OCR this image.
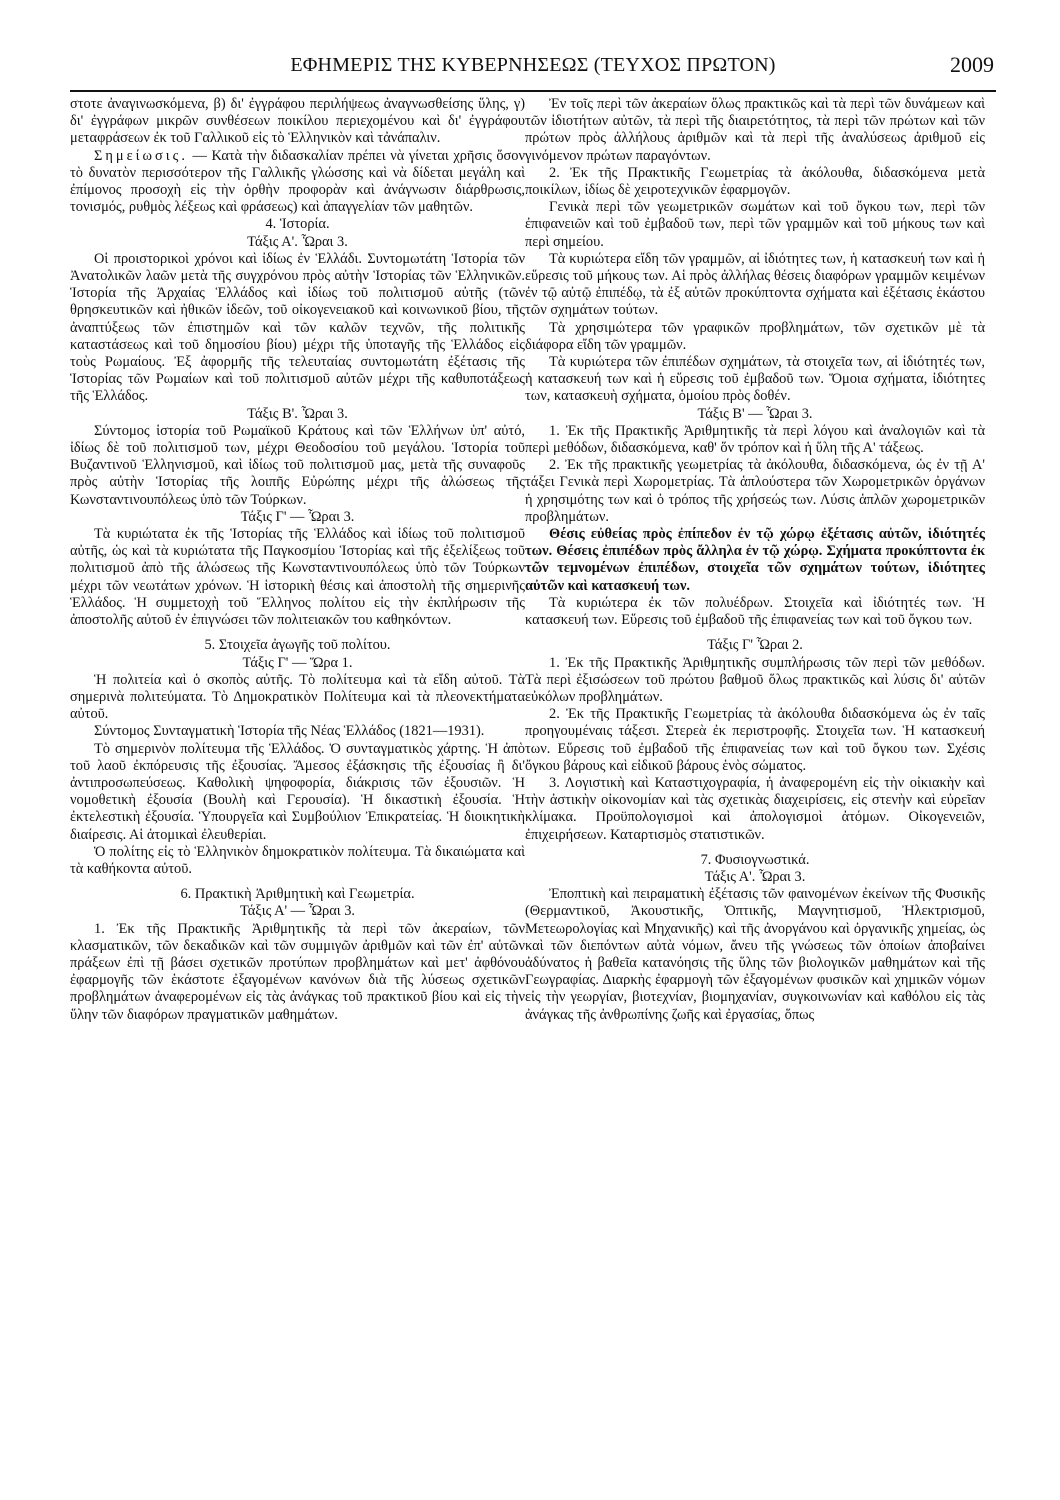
ΕΦΗΜΕΡΙΣ ΤΗΣ ΚΥΒΕΡΝΗΣΕΩΣ (ΤΕΥΧΟΣ ΠΡΩΤΟΝ)	2009

στοτε ἀναγινωσκόμενα, β) δι' ἐγγράφου περιλήψεως ἀναγνωσθείσης ὕλης, γ) δι' ἐγγράφων μικρῶν συνθέσεων ποικίλου περιεχομένου καὶ δι' ἐγγράφου μεταφράσεων ἐκ τοῦ Γαλλικοῦ εἰς τὸ Ἑλληνικὸν καὶ τἀνάπαλιν.

Σημείωσις. — Κατὰ τὴν διδασκαλίαν πρέπει νὰ γίνεται χρῆσις ὅσον τὸ δυνατὸν περισσότερον τῆς Γαλλικῆς γλώσσης καὶ νὰ δίδεται μεγάλη καὶ ἐπίμονος προσοχὴ εἰς τὴν ὀρθὴν προφορὰν καὶ ἀνάγνωσιν διάρθρωσις, τονισμός, ρυθμὸς λέξεως καὶ φράσεως) καὶ ἀπαγγελίαν τῶν μαθητῶν.

4. Ἱστορία.

Τάξις Α'. Ὧραι 3.

Οἱ προιστορικοὶ χρόνοι καὶ ἰδίως ἐν Ἑλλάδι. Συντομωτάτη Ἱστορία τῶν Ἀνατολικῶν λαῶν μετὰ τῆς συγχρόνου πρὸς αὐτὴν Ἱστορίας τῶν Ἑλληνικῶν. Ἱστορία τῆς Ἀρχαίας Ἑλλάδος καὶ ἰδίως τοῦ πολιτισμοῦ αὐτῆς (τῶν θρησκευτικῶν καὶ ἠθικῶν ἰδεῶν, τοῦ οἰκογενειακοῦ καὶ κοινωνικοῦ βίου, τῆς ἀναπτύξεως τῶν ἐπιστημῶν καὶ τῶν καλῶν τεχνῶν, τῆς πολιτικῆς καταστάσεως καὶ τοῦ δημοσίου βίου) μέχρι τῆς ὑποταγῆς τῆς Ἑλλάδος εἰς τοὺς Ρωμαίους. Ἐξ ἀφορμῆς τῆς τελευταίας συντομωτάτη ἐξέτασις τῆς Ἱστορίας τῶν Ρωμαίων καὶ τοῦ πολιτισμοῦ αὐτῶν μέχρι τῆς καθυποτάξεως τῆς Ἑλλάδος.

Τάξις Β'. Ὧραι 3.

Σύντομος ἱστορία τοῦ Ρωμαϊκοῦ Κράτους καὶ τῶν Ἑλλήνων ὑπ' αὐτό, ἰδίως δὲ τοῦ πολιτισμοῦ των, μέχρι Θεοδοσίου τοῦ μεγάλου. Ἱστορία τοῦ Βυζαντινοῦ Ἑλληνισμοῦ, καὶ ἰδίως τοῦ πολιτισμοῦ μας, μετὰ τῆς συναφοῦς πρὸς αὐτὴν Ἱστορίας τῆς λοιπῆς Εὐρώπης μέχρι τῆς ἁλώσεως τῆς Κωνσταντινουπόλεως ὑπὸ τῶν Τούρκων.

Τάξις Γ' — Ὧραι 3.

Τὰ κυριώτατα ἐκ τῆς Ἱστορίας τῆς Ἑλλάδος καὶ ἰδίως τοῦ πολιτισμοῦ αὐτῆς, ὡς καὶ τὰ κυριώτατα τῆς Παγκοσμίου Ἱστορίας καὶ τῆς ἐξελίξεως τοῦ πολιτισμοῦ ἀπὸ τῆς ἁλώσεως τῆς Κωνσταντινουπόλεως ὑπὸ τῶν Τούρκων μέχρι τῶν νεωτάτων χρόνων. Ἡ ἱστορικὴ θέσις καὶ ἀποστολὴ τῆς σημερινῆς Ἑλλάδος. Ἡ συμμετοχὴ τοῦ Ἕλληνος πολίτου εἰς τὴν ἐκπλήρωσιν τῆς ἀποστολῆς αὐτοῦ ἐν ἐπιγνώσει τῶν πολιτειακῶν του καθηκόντων.

5. Στοιχεῖα ἀγωγῆς τοῦ πολίτου.

Τάξις Γ' — Ὥρα 1.

Ἡ πολιτεία καὶ ὁ σκοπὸς αὐτῆς. Τὸ πολίτευμα καὶ τὰ εἴδη αὐτοῦ. Τὰ σημερινὰ πολιτεύματα. Τὸ Δημοκρατικὸν Πολίτευμα καὶ τὰ πλεονεκτήματα αὐτοῦ.

Σύντομος Συνταγματικὴ Ἱστορία τῆς Νέας Ἑλλάδος (1821—1931).

Τὸ σημερινὸν πολίτευμα τῆς Ἑλλάδος. Ὁ συνταγματικὸς χάρτης. Ἡ ἀπὸ τοῦ λαοῦ ἐκπόρευσις τῆς ἐξουσίας. Ἄμεσος ἐξάσκησις τῆς ἐξουσίας ἢ δι' ἀντιπροσωπεύσεως. Καθολικὴ ψηφοφορία, διάκρισις τῶν ἐξουσιῶν. Ἡ νομοθετικὴ ἐξουσία (Βουλὴ καὶ Γερουσία). Ἡ δικαστικὴ ἐξουσία. Ἡ ἐκτελεστικὴ ἐξουσία. Ὑπουργεῖα καὶ Συμβούλιον Ἐπικρατείας. Ἡ διοικητικὴ διαίρεσις. Αἱ ἀτομικαὶ ἐλευθερίαι.

Ὁ πολίτης εἰς τὸ Ἑλληνικὸν δημοκρατικὸν πολίτευμα. Τὰ δικαιώματα καὶ τὰ καθήκοντα αὐτοῦ.

6. Πρακτικὴ Ἀριθμητικὴ καὶ Γεωμετρία.

Τάξις Α' — Ὧραι 3.

1. Ἐκ τῆς Πρακτικῆς Ἀριθμητικῆς τὰ περὶ τῶν ἀκεραίων, τῶν κλασματικῶν, τῶν δεκαδικῶν καὶ τῶν συμμιγῶν ἀριθμῶν καὶ τῶν ἐπ' αὐτῶν πράξεων ἐπὶ τῇ βάσει σχετικῶν προτύπων προβλημάτων καὶ μετ' ἀφθόνου ἐφαρμογῆς τῶν ἑκάστοτε ἐξαγομένων κανόνων διὰ τῆς λύσεως σχετικῶν προβλημάτων ἀναφερομένων εἰς τὰς ἀνάγκας τοῦ πρακτικοῦ βίου καὶ εἰς τὴν ὕλην τῶν διαφόρων πραγματικῶν μαθημάτων.

Ἐν τοῖς περὶ τῶν ἀκεραίων ὅλως πρακτικῶς καὶ τὰ περὶ τῶν δυνάμεων καὶ τῶν ἰδιοτήτων αὐτῶν, τὰ περὶ τῆς διαιρετότητος, τὰ περὶ τῶν πρώτων καὶ τῶν πρώτων πρὸς ἀλλήλους ἀριθμῶν καὶ τὰ περὶ τῆς ἀναλύσεως ἀριθμοῦ εἰς γινόμενον πρώτων παραγόντων.

2. Ἐκ τῆς Πρακτικῆς Γεωμετρίας τὰ ἀκόλουθα, διδασκόμενα μετὰ ποικίλων, ἰδίως δὲ χειροτεχνικῶν ἐφαρμογῶν.

Γενικὰ περὶ τῶν γεωμετρικῶν σωμάτων καὶ τοῦ ὄγκου των, περὶ τῶν ἐπιφανειῶν καὶ τοῦ ἐμβαδοῦ των, περὶ τῶν γραμμῶν καὶ τοῦ μήκους των καὶ περὶ σημείου.

Τὰ κυριώτερα εἴδη τῶν γραμμῶν, αἱ ἰδιότητες των, ἡ κατασκευή των καὶ ἡ εὕρεσις τοῦ μήκους των. Αἱ πρὸς ἀλλήλας θέσεις διαφόρων γραμμῶν κειμένων ἐν τῷ αὐτῷ ἐπιπέδῳ, τὰ ἐξ αὐτῶν προκύπτοντα σχήματα καὶ ἐξέτασις ἑκάστου τῶν σχημάτων τούτων.

Τὰ χρησιμώτερα τῶν γραφικῶν προβλημάτων, τῶν σχετικῶν μὲ τὰ διάφορα εἴδη τῶν γραμμῶν.

Τὰ κυριώτερα τῶν ἐπιπέδων σχημάτων, τὰ στοιχεῖα των, αἱ ἰδιότητές των, ἡ κατασκευή των καὶ ἡ εὕρεσις τοῦ ἐμβαδοῦ των. Ὅμοια σχήματα, ἰδιότητες των, κατασκευὴ σχήματα, ὁμοίου πρὸς δοθέν.

Τάξις Β' — Ὧραι 3.

1. Ἐκ τῆς Πρακτικῆς Ἀριθμητικῆς τὰ περὶ λόγου καὶ ἀναλογιῶν καὶ τὰ περὶ μεθόδων, διδασκόμενα, καθ' ὅν τρόπον καὶ ἡ ὕλη τῆς Α' τάξεως.

2. Ἐκ τῆς πρακτικῆς γεωμετρίας τὰ ἀκόλουθα, διδασκόμενα, ὡς ἐν τῇ Α' τάξει Γενικὰ περὶ Χωρομετρίας. Τὰ ἁπλούστερα τῶν Χωρομετρικῶν ὀργάνων ἡ χρησιμότης των καὶ ὁ τρόπος τῆς χρήσεώς των. Λύσις ἁπλῶν χωρομετρικῶν προβλημάτων.

Θέσις εὐθείας πρὸς ἐπίπεδον ἐν τῷ χώρῳ ἐξέτασις αὐτῶν, ἰδιότητές των. Θέσεις ἐπιπέδων πρὸς ἄλληλα ἐν τῷ χώρῳ. Σχήματα προκύπτοντα ἐκ τῶν τεμνομένων ἐπιπέδων, στοιχεῖα τῶν σχημάτων τούτων, ἰδιότητες αὐτῶν καὶ κατασκευή των.

Τὰ κυριώτερα ἐκ τῶν πολυέδρων. Στοιχεῖα καὶ ἰδιότητές των. Ἡ κατασκευή των. Εὕρεσις τοῦ ἐμβαδοῦ τῆς ἐπιφανείας των καὶ τοῦ ὄγκου των.

Τάξις Γ' Ὧραι 2.

1. Ἐκ τῆς Πρακτικῆς Ἀριθμητικῆς συμπλήρωσις τῶν περὶ τῶν μεθόδων. Τὰ περὶ ἐξισώσεων τοῦ πρώτου βαθμοῦ ὅλως πρακτικῶς καὶ λύσις δι' αὐτῶν εὐκόλων προβλημάτων.

2. Ἐκ τῆς Πρακτικῆς Γεωμετρίας τὰ ἀκόλουθα διδασκόμενα ὡς ἐν ταῖς προηγουμέναις τάξεσι. Στερεὰ ἐκ περιστροφῆς. Στοιχεῖα των. Ἡ κατασκευή των. Εὕρεσις τοῦ ἐμβαδοῦ τῆς ἐπιφανείας των καὶ τοῦ ὄγκου των. Σχέσις ὄγκου βάρους καὶ εἰδικοῦ βάρους ἑνὸς σώματος.

3. Λογιστικὴ καὶ Καταστιχογραφία, ἡ ἀναφερομένη εἰς τὴν οἰκιακὴν καὶ τὴν ἀστικὴν οἰκονομίαν καὶ τὰς σχετικὰς διαχειρίσεις, εἰς στενὴν καὶ εὐρεῖαν κλίμακα. Προϋπολογισμοὶ καὶ ἀπολογισμοὶ ἀτόμων. Οἰκογενειῶν, ἐπιχειρήσεων. Καταρτισμὸς στατιστικῶν.

7. Φυσιογνωστικά.

Τάξις Α'. Ὧραι 3.

Ἐποπτικὴ καὶ πειραματικὴ ἐξέτασις τῶν φαινομένων ἐκείνων τῆς Φυσικῆς (Θερμαντικοῦ, Ἀκουστικῆς, Ὀπτικῆς, Μαγνητισμοῦ, Ἠλεκτρισμοῦ, Μετεωρολογίας καὶ Μηχανικῆς) καὶ τῆς ἀνοργάνου καὶ ὀργανικῆς χημείας, ὡς καὶ τῶν διεπόντων αὐτὰ νόμων, ἄνευ τῆς γνώσεως τῶν ὁποίων ἀποβαίνει ἀδύνατος ἡ βαθεῖα κατανόησις τῆς ὕλης τῶν βιολογικῶν μαθημάτων καὶ τῆς Γεωγραφίας. Διαρκὴς ἐφαρμογὴ τῶν ἐξαγομένων φυσικῶν καὶ χημικῶν νόμων εἰς τὴν γεωργίαν, βιοτεχνίαν, βιομηχανίαν, συγκοινωνίαν καὶ καθόλου εἰς τὰς ἀνάγκας τῆς ἀνθρωπίνης ζωῆς καὶ ἐργασίας, ὅπως
